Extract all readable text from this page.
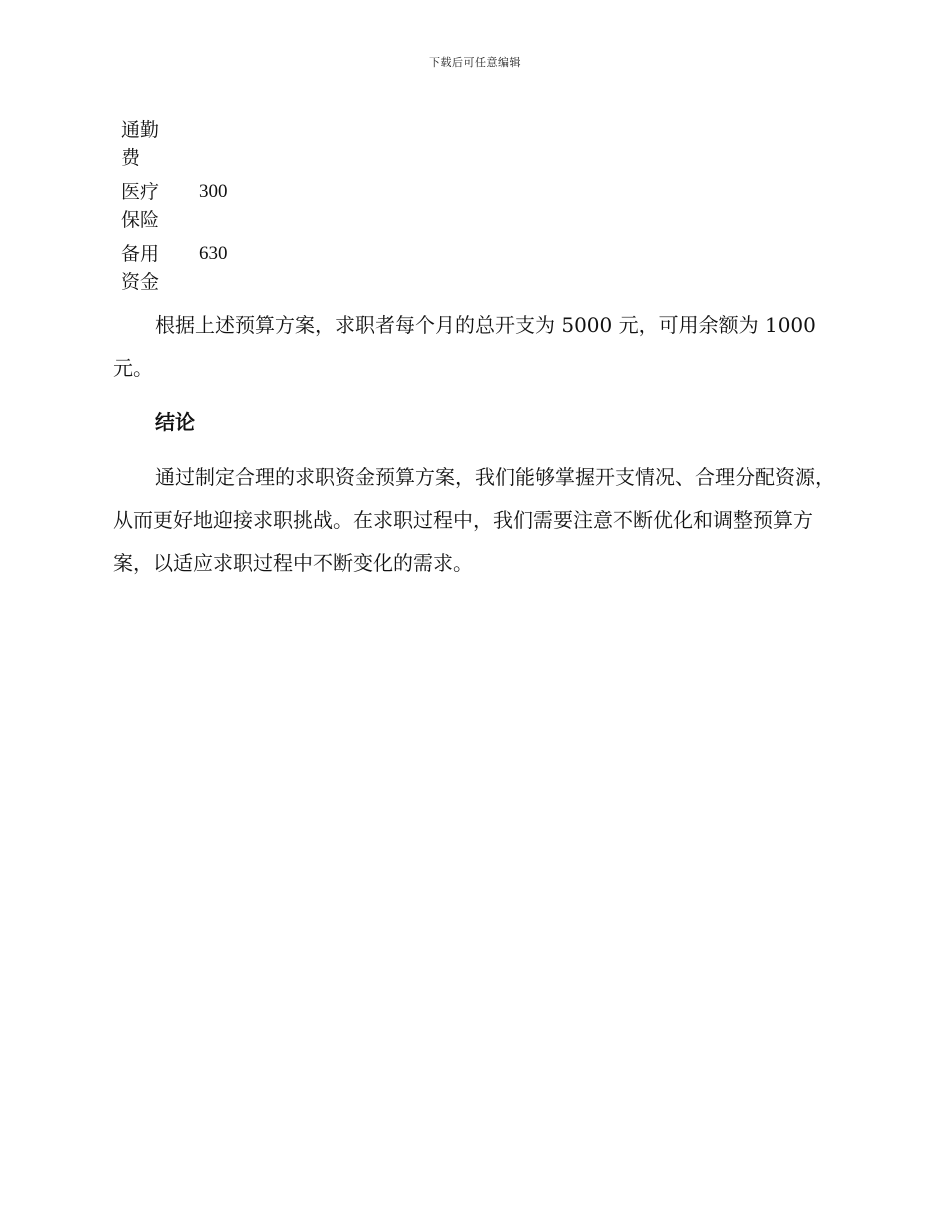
下载后可任意编辑
通勤费	
医疗保险	300
备用资金	630

根据上述预算方案，求职者每个月的总开支为 5000 元，可用余额为 1000 元。

结论

通过制定合理的求职资金预算方案，我们能够掌握开支情况、合理分配资源，从而更好地迎接求职挑战。在求职过程中，我们需要注意不断优化和调整预算方案，以适应求职过程中不断变化的需求。
